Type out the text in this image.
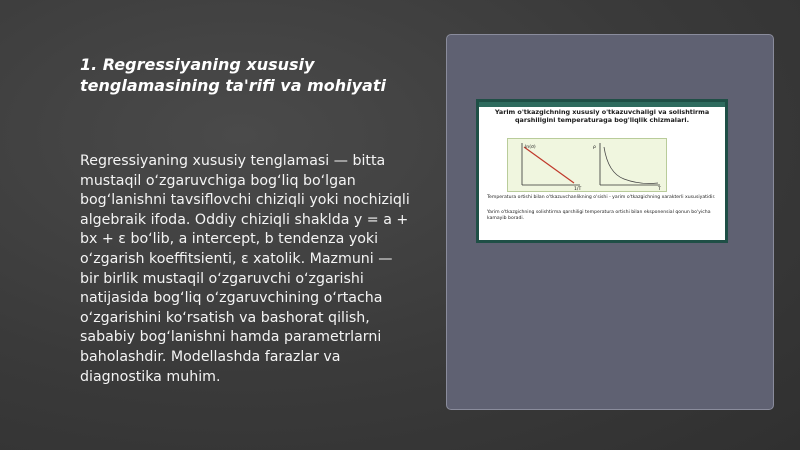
1. Regressiyaning xususiy tenglamasining ta'rifi va mohiyati
Regressiyaning xususiy tenglamasi — bitta mustaqil oʻzgaruvchiga bogʻliq boʻlgan bogʻlanishni tavsiflovchi chiziqli yoki nochiziqli algebraik ifoda. Oddiy chiziqli shaklda y = a + bx + ε boʻlib, a intercept, b tendenza yoki oʻzgarish koeffitsienti, ε xatolik. Mazmuni — bir birlik mustaqil oʻzgaruvchi oʻzgarishi natijasida bogʻliq oʻzgaruvchining oʻrtacha oʻzgarishini koʻrsatish va bashorat qilish, sababiy bogʻlanishni hamda parametrlarni baholashdir. Modellashda farazlar va diagnostika muhim.
Yarim o'tkazgichning xususiy o'tkazuvchaligi va solishtirma qarshiligini temperaturaga bog'liqlik chizmalari.
ln(σ)
1/T
ρ
T
Temperatura ortishi bilan o'tkazuvchanlikning o'sishi - yarim o'tkazgichning xarakterli xususiyatidir.
Yarim o'tkazgichning solishtirma qarshiligi temperatura ortishi bilan eksponensial qonun bo'yicha kamayib boradi.
